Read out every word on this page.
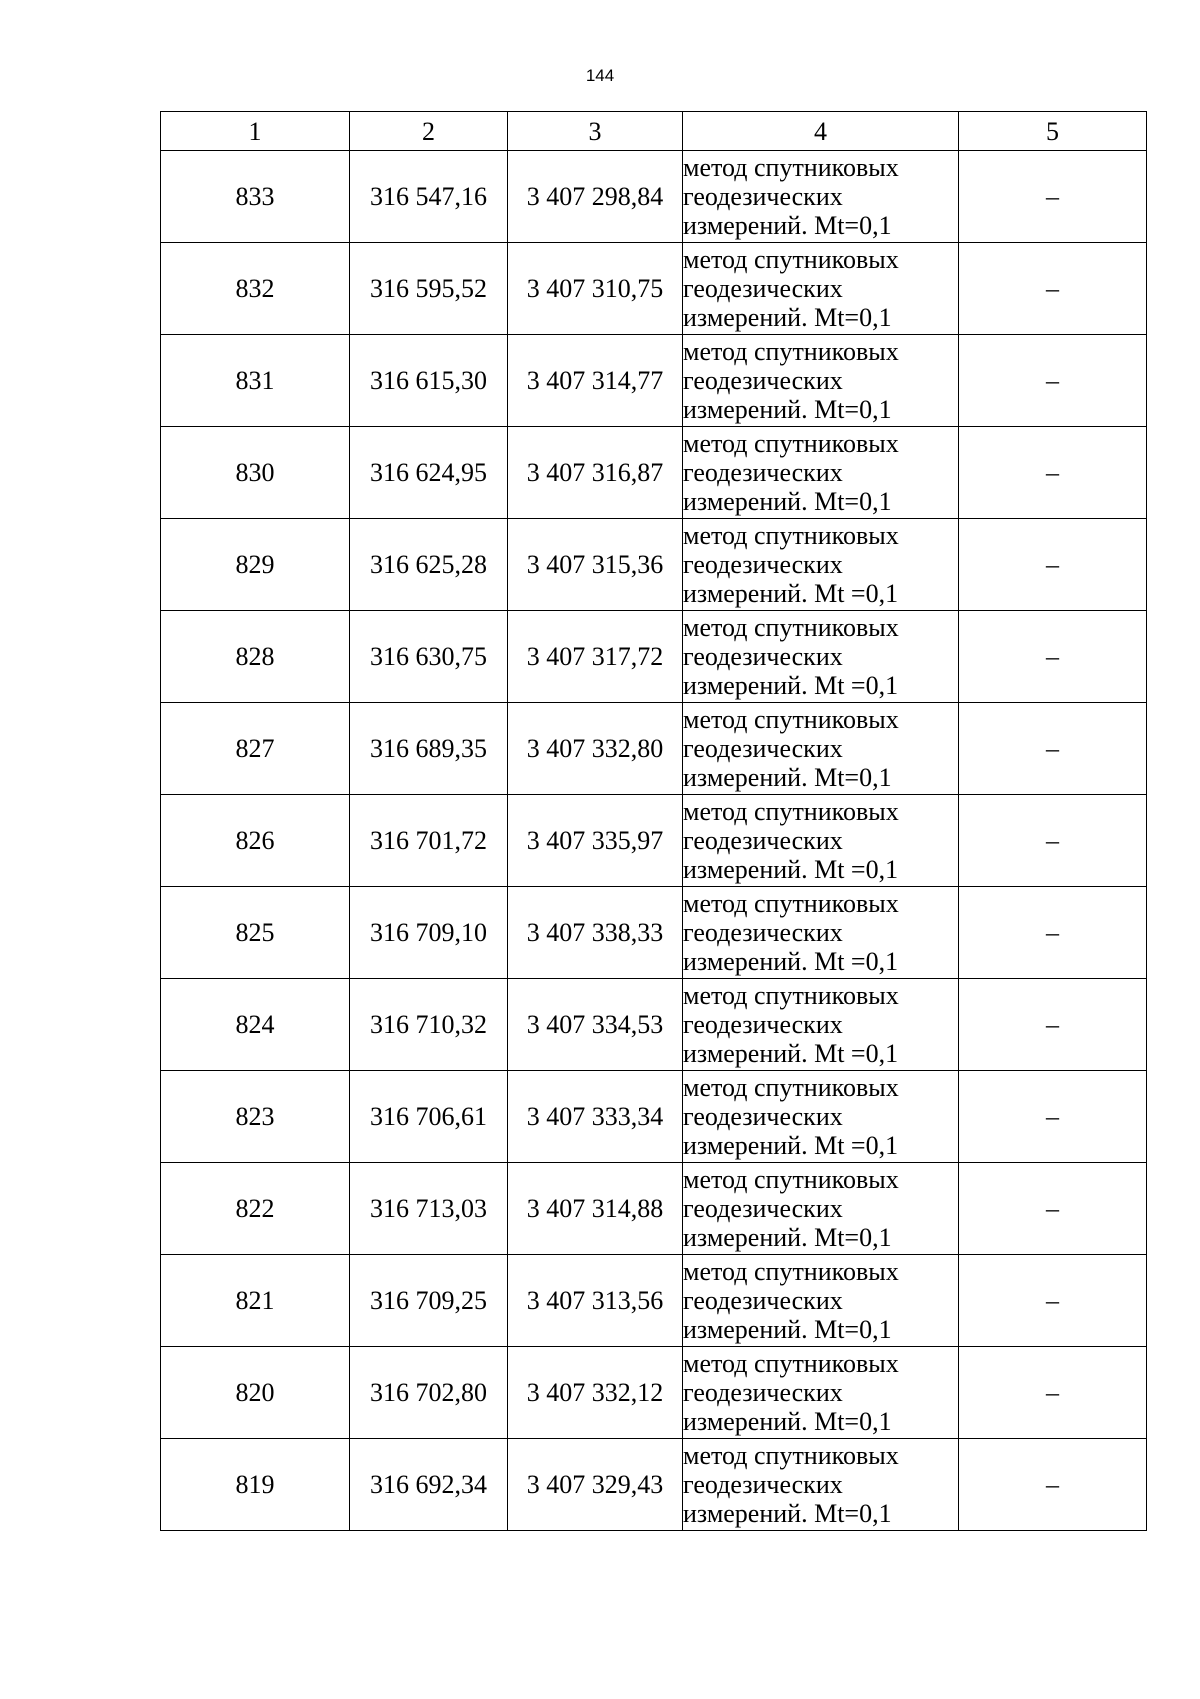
144
1	2	3	4	5
833	316 547,16	3 407 298,84	метод спутниковых
геодезических
измерений. Mt=0,1	–
832	316 595,52	3 407 310,75	метод спутниковых
геодезических
измерений. Mt=0,1	–
831	316 615,30	3 407 314,77	метод спутниковых
геодезических
измерений. Mt=0,1	–
830	316 624,95	3 407 316,87	метод спутниковых
геодезических
измерений. Mt=0,1	–
829	316 625,28	3 407 315,36	метод спутниковых
геодезических
измерений. Mt =0,1	–
828	316 630,75	3 407 317,72	метод спутниковых
геодезических
измерений. Mt =0,1	–
827	316 689,35	3 407 332,80	метод спутниковых
геодезических
измерений. Mt=0,1	–
826	316 701,72	3 407 335,97	метод спутниковых
геодезических
измерений. Mt =0,1	–
825	316 709,10	3 407 338,33	метод спутниковых
геодезических
измерений. Mt =0,1	–
824	316 710,32	3 407 334,53	метод спутниковых
геодезических
измерений. Mt =0,1	–
823	316 706,61	3 407 333,34	метод спутниковых
геодезических
измерений. Mt =0,1	–
822	316 713,03	3 407 314,88	метод спутниковых
геодезических
измерений. Mt=0,1	–
821	316 709,25	3 407 313,56	метод спутниковых
геодезических
измерений. Mt=0,1	–
820	316 702,80	3 407 332,12	метод спутниковых
геодезических
измерений. Mt=0,1	–
819	316 692,34	3 407 329,43	метод спутниковых
геодезических
измерений. Mt=0,1	–
